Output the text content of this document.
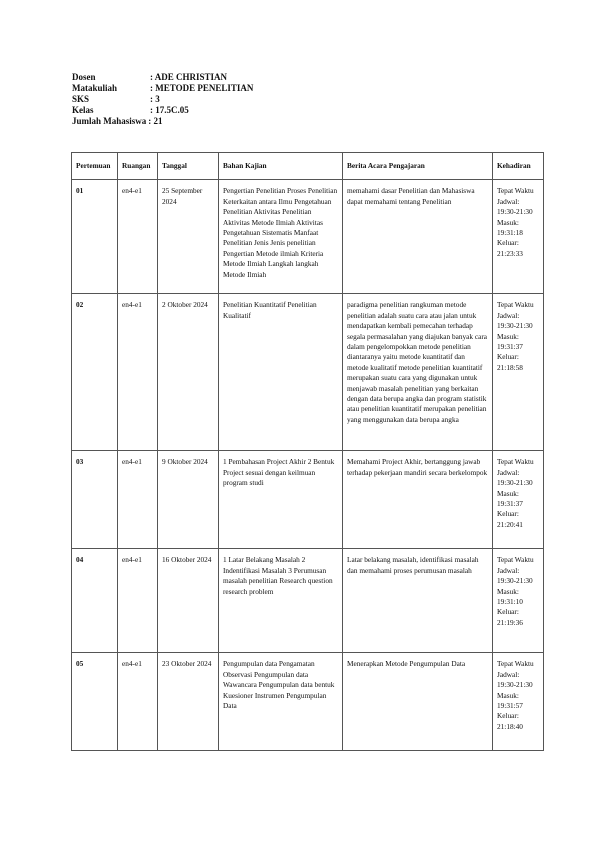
Dosen	: ADE CHRISTIAN
Matakuliah	: METODE PENELITIAN
SKS	: 3
Kelas	: 17.5C.05
Jumlah Mahasiswa : 21
Pertemuan	Ruangan	Tanggal	Bahan Kajian	Berita Acara Pengajaran	Kehadiran
01	en4-e1	25 September 2024	Pengertian Penelitian Proses Penelitian Keterkaitan antara Ilmu Pengetahuan Penelitian Aktivitas Penelitian Aktivitas Metode Ilmiah Aktivitas Pengetahuan Sistematis Manfaat Penelitian Jenis Jenis penelitian Pengertian Metode ilmiah Kriteria Metode Ilmiah Langkah langkah Metode Ilmiah	memahami dasar Penelitian dan Mahasiswa dapat memahami tentang Penelitian	Tepat Waktu Jadwal: 19:30-21:30 Masuk: 19:31:18 Keluar: 21:23:33
02	en4-e1	2 Oktober 2024	Penelitian Kuantitatif Penelitian Kualitatif	paradigma penelitian rangkuman metode penelitian adalah suatu cara atau jalan untuk mendapatkan kembali pemecahan terhadap segala permasalahan yang diajukan banyak cara dalam pengelompokkan metode penelitian diantaranya yaitu metode kuantitatif dan metode kualitatif metode penelitian kuantitatif merupakan suatu cara yang digunakan untuk menjawab masalah penelitian yang berkaitan dengan data berupa angka dan program statistik atau penelitian kuantitatif merupakan penelitian yang menggunakan data berupa angka	Tepat Waktu Jadwal: 19:30-21:30 Masuk: 19:31:37 Keluar: 21:18:58
03	en4-e1	9 Oktober 2024	1 Pembahasan Project Akhir 2 Bentuk Project sesuai dengan keilmuan program studi	Memahami Project Akhir, bertanggung jawab terhadap pekerjaan mandiri secara berkelompok	Tepat Waktu Jadwal: 19:30-21:30 Masuk: 19:31:37 Keluar: 21:20:41
04	en4-e1	16 Oktober 2024	1 Latar Belakang Masalah 2 Indentifikasi Masalah 3 Perumusan masalah penelitian Research question research problem	Latar belakang masalah, identifikasi masalah dan memahami proses perumusan masalah	Tepat Waktu Jadwal: 19:30-21:30 Masuk: 19:31:10 Keluar: 21:19:36
05	en4-e1	23 Oktober 2024	Pengumpulan data Pengamatan Observasi Pengumpulan data Wawancara Pengumpulan data bentuk Kuesioner Instrumen Pengumpulan Data	Menerapkan Metode Pengumpulan Data	Tepat Waktu Jadwal: 19:30-21:30 Masuk: 19:31:57 Keluar: 21:18:40
